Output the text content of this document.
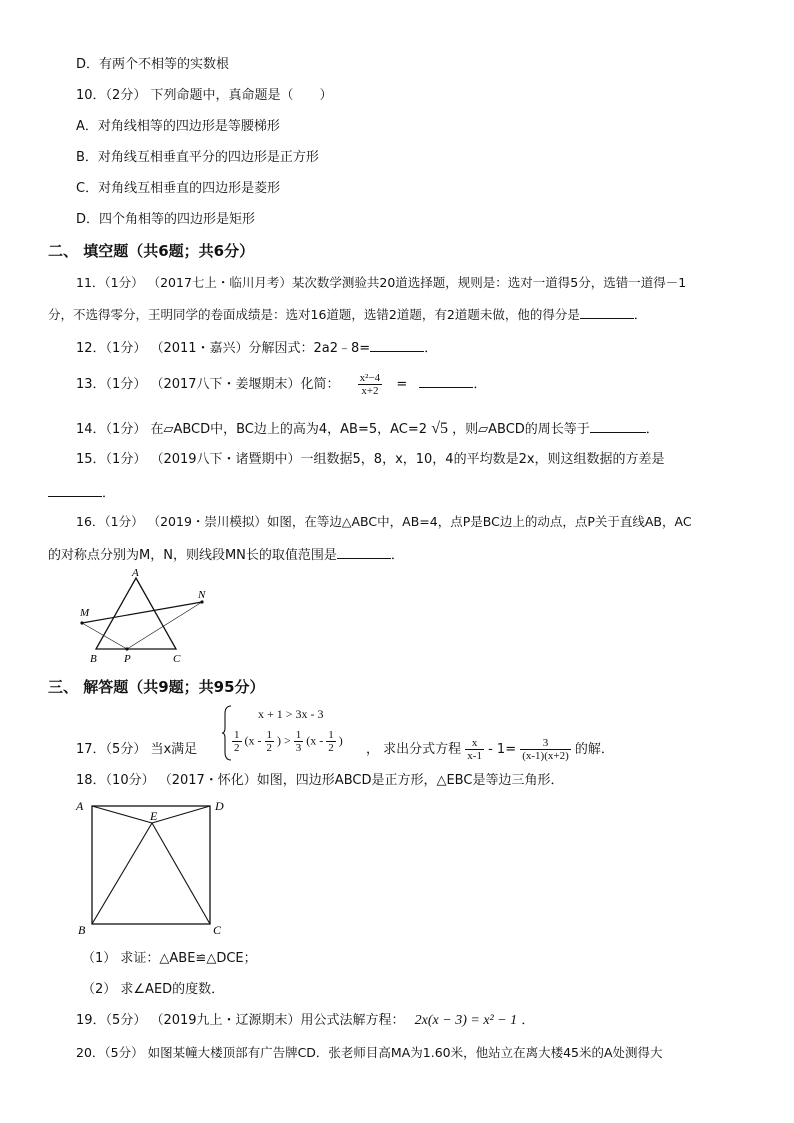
D．有两个不相等的实数根
10．（2分） 下列命题中，真命题是（　　）
A．对角线相等的四边形是等腰梯形
B．对角线互相垂直平分的四边形是正方形
C．对角线互相垂直的四边形是菱形
D．四个角相等的四边形是矩形
二、 填空题（共6题；共6分）
11．（1分） （2017七上・临川月考）某次数学测验共20道选择题，规则是：选对一道得5分，选错一道得－1
分，不选得零分，王明同学的卷面成绩是：选对16道题，选错2道题，有2道题未做，他的得分是	．
12．（1分） （2011・嘉兴）分解因式：2a2﹣8=	．
13．（1分） （2017八下・姜堰期末）化简： $\frac{\text{x²−4}}{x+2}$ =	．
14．（1分） 在▱ABCD中，BC边上的高为4，AB=5，AC=2 √5 ，则▱ABCD的周长等于	．
15．（1分） （2019八下・诸暨期中）一组数据5，8，x，10，4的平均数是2x，则这组数据的方差是
．
16．（1分） （2019・崇川模拟）如图，在等边△ABC中，AB=4，点P是BC边上的动点，点P关于直线AB，AC
的对称点分别为M，N，则线段MN长的取值范围是	．
A
B	C
M
N
P
三、 解答题（共9题；共95分）
17．（5分） 当x满足
x + 1 > 3x - 3
$\frac{1}{2} (x - \frac{1}{2}$ ) > $\frac{1}{3} (x - \frac{1}{2}$ )
， 求出分式方程 $\frac{x}{x-1} - 1= \frac{3}{(x-1)(x+2)}$ 的解．
18．（10分） （2017・怀化）如图，四边形ABCD是正方形，△EBC是等边三角形．
A	D
E
B	C
（1） 求证：△ABE≌△DCE；
（2） 求∠AED的度数．
19．（5分） （2019九上・辽源期末）用公式法解方程： 2x(x − 3) = x² − 1 ．
20．（5分） 如图某幢大楼顶部有广告牌CD．张老师目高MA为1.60米，他站立在离大楼45米的A处测得大
